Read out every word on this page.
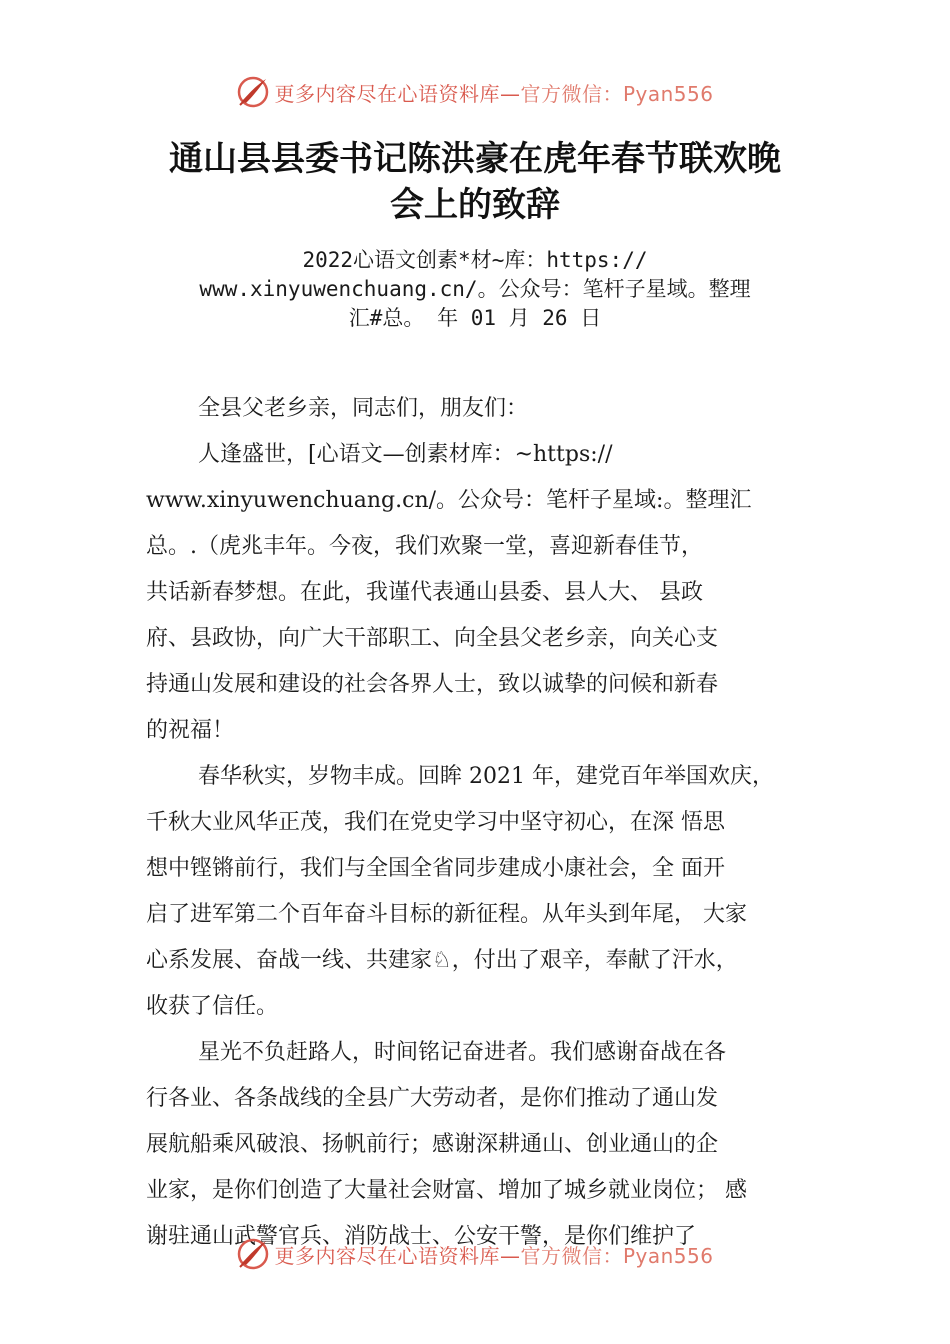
更多内容尽在心语资料库—官方微信：Pyan556
通山县县委书记陈洪豪在虎年春节联欢晚
会上的致辞
2022心语文创素*材~库：https://
www.xinyuwenchuang.cn/。公众号：笔杆子星域。整理
汇#总。 年 01 月 26 日
全县父老乡亲，同志们，朋友们：
人逢盛世，[心语文—创素材库：~https://
www.xinyuwenchuang.cn/。公众号：笔杆子星域:。整理汇
总。.（虎兆丰年。今夜，我们欢聚一堂，喜迎新春佳节，
共话新春梦想。在此，我谨代表通山县委、县人大、 县政
府、县政协，向广大干部职工、向全县父老乡亲，向关心支
持通山发展和建设的社会各界人士，致以诚挚的问候和新春
的祝福！
春华秋实，岁物丰成。回眸 2021 年，建党百年举国欢庆，
千秋大业风华正茂，我们在党史学习中坚守初心，在深 悟思
想中铿锵前行，我们与全国全省同步建成小康社会，全 面开
启了进军第二个百年奋斗目标的新征程。从年头到年尾， 大家
心系发展、奋战一线、共建家♘，付出了艰辛，奉献了汗水，
收获了信任。
星光不负赶路人，时间铭记奋进者。我们感谢奋战在各
行各业、各条战线的全县广大劳动者，是你们推动了通山发
展航船乘风破浪、扬帆前行；感谢深耕通山、创业通山的企
业家，是你们创造了大量社会财富、增加了城乡就业岗位； 感
谢驻通山武警官兵、消防战士、公安干警，是你们维护了
更多内容尽在心语资料库—官方微信：Pyan556
